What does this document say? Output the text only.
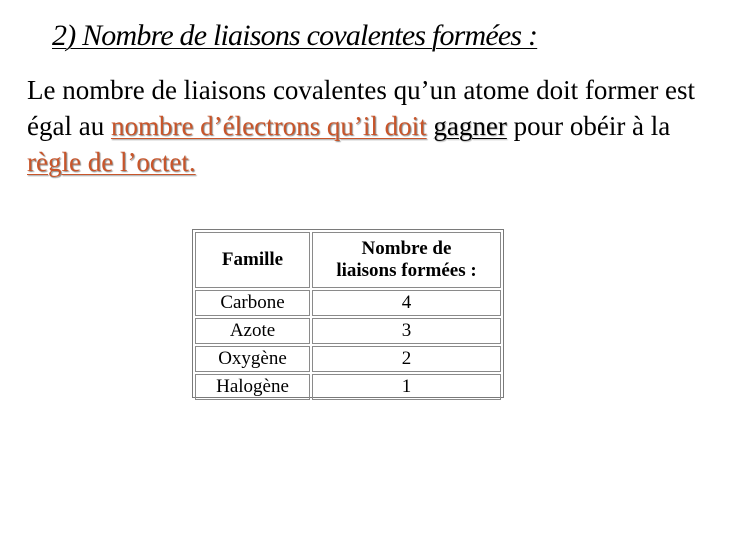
2) Nombre de liaisons covalentes formées :

Le nombre de liaisons covalentes qu’un atome doit former est égal au nombre d’électrons qu’il doit gagner pour obéir à la règle de l’octet.

Famille	Nombre de
liaisons formées :
Carbone	4
Azote	3
Oxygène	2
Halogène	1
